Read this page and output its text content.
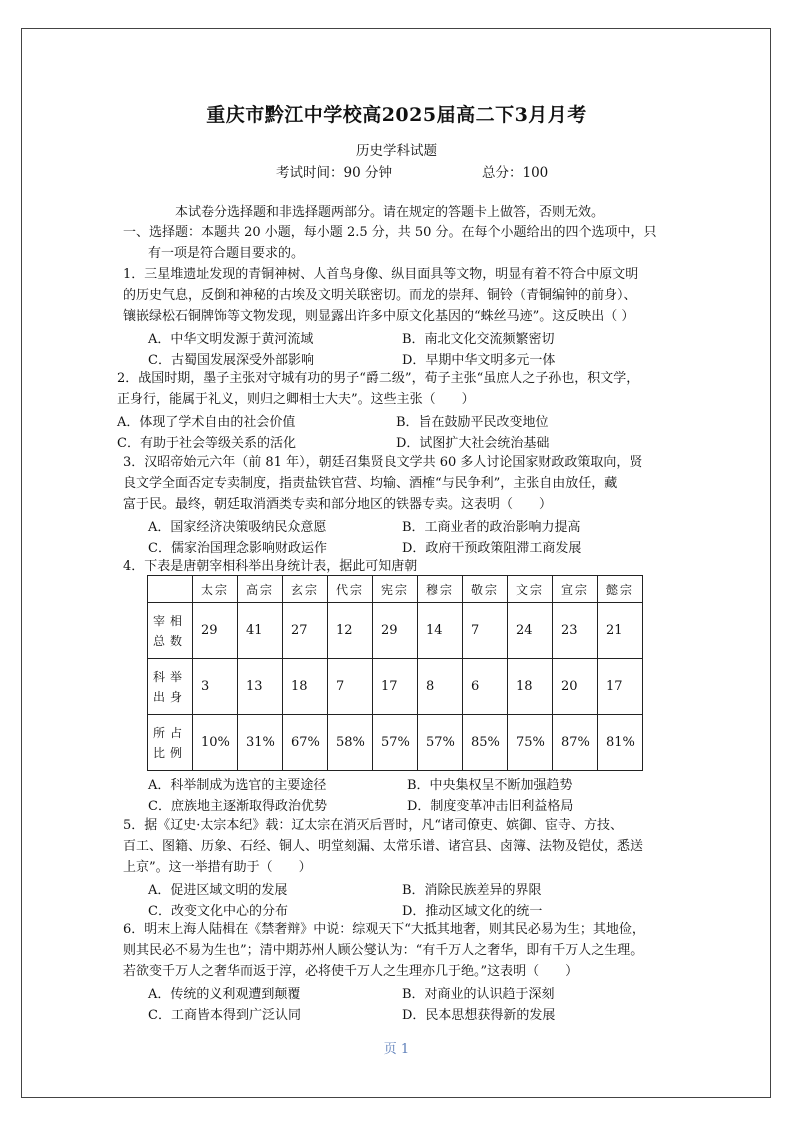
重庆市黔江中学校高2025届高二下3月月考
历史学科试题
考试时间：90 分钟	总分：100
本试卷分选择题和非选择题两部分。请在规定的答题卡上做答，否则无效。
一、选择题：本题共 20 小题，每小题 2.5 分，共 50 分。在每个小题给出的四个选项中，只
有一项是符合题目要求的。
1．三星堆遗址发现的青铜神树、人首鸟身像、纵目面具等文物，明显有着不符合中原文明
的历史气息，反倒和神秘的古埃及文明关联密切。而龙的崇拜、铜铃（青铜编钟的前身）、
镶嵌绿松石铜牌饰等文物发现，则显露出许多中原文化基因的“蛛丝马迹”。这反映出（ ）
A．中华文明发源于黄河流域	B．南北文化交流频繁密切
C．古蜀国发展深受外部影响	D．早期中华文明多元一体
2．战国时期，墨子主张对守城有功的男子“爵二级”，荀子主张“虽庶人之子孙也，积文学，
正身行，能属于礼义，则归之卿相士大夫”。这些主张（　　）
A．体现了学术自由的社会价值	B．旨在鼓励平民改变地位
C．有助于社会等级关系的活化	D．试图扩大社会统治基础
3．汉昭帝始元六年（前 81 年），朝廷召集贤良文学共 60 多人讨论国家财政政策取向，贤
良文学全面否定专卖制度，指责盐铁官营、均输、酒榷“与民争利”，主张自由放任，藏
富于民。最终，朝廷取消酒类专卖和部分地区的铁器专卖。这表明（　　）
A．国家经济决策吸纳民众意愿	B．工商业者的政治影响力提高
C．儒家治国理念影响财政运作	D．政府干预政策阻滞工商发展
4．下表是唐朝宰相科举出身统计表，据此可知唐朝
	太宗	高宗	玄宗	代宗	宪宗	穆宗	敬宗	文宗	宣宗	懿宗
宰相总数	29	41	27	12	29	14	7	24	23	21
科举出身	3	13	18	7	17	8	6	18	20	17
所占比例	10%	31%	67%	58%	57%	57%	85%	75%	87%	81%
A．科举制成为选官的主要途径	B．中央集权呈不断加强趋势
C．庶族地主逐渐取得政治优势	D．制度变革冲击旧利益格局
5．据《辽史·太宗本纪》载：辽太宗在消灭后晋时，凡“诸司僚吏、嫔御、宦寺、方技、
百工、图籍、历象、石经、铜人、明堂刻漏、太常乐谱、诸宫县、卤簿、法物及铠仗，悉送
上京”。这一举措有助于（　　）
A．促进区域文明的发展	B．消除民族差异的界限
C．改变文化中心的分布	D．推动区域文化的统一
6．明末上海人陆楫在《禁奢辩》中说：综观天下“大抵其地奢，则其民必易为生；其地俭，
则其民必不易为生也”；清中期苏州人顾公燮认为：“有千万人之奢华，即有千万人之生理。
若欲变千万人之奢华而返于淳，必将使千万人之生理亦几于绝。”这表明（　　）
A．传统的义利观遭到颠覆	B．对商业的认识趋于深刻
C．工商皆本得到广泛认同	D．民本思想获得新的发展
页 1
